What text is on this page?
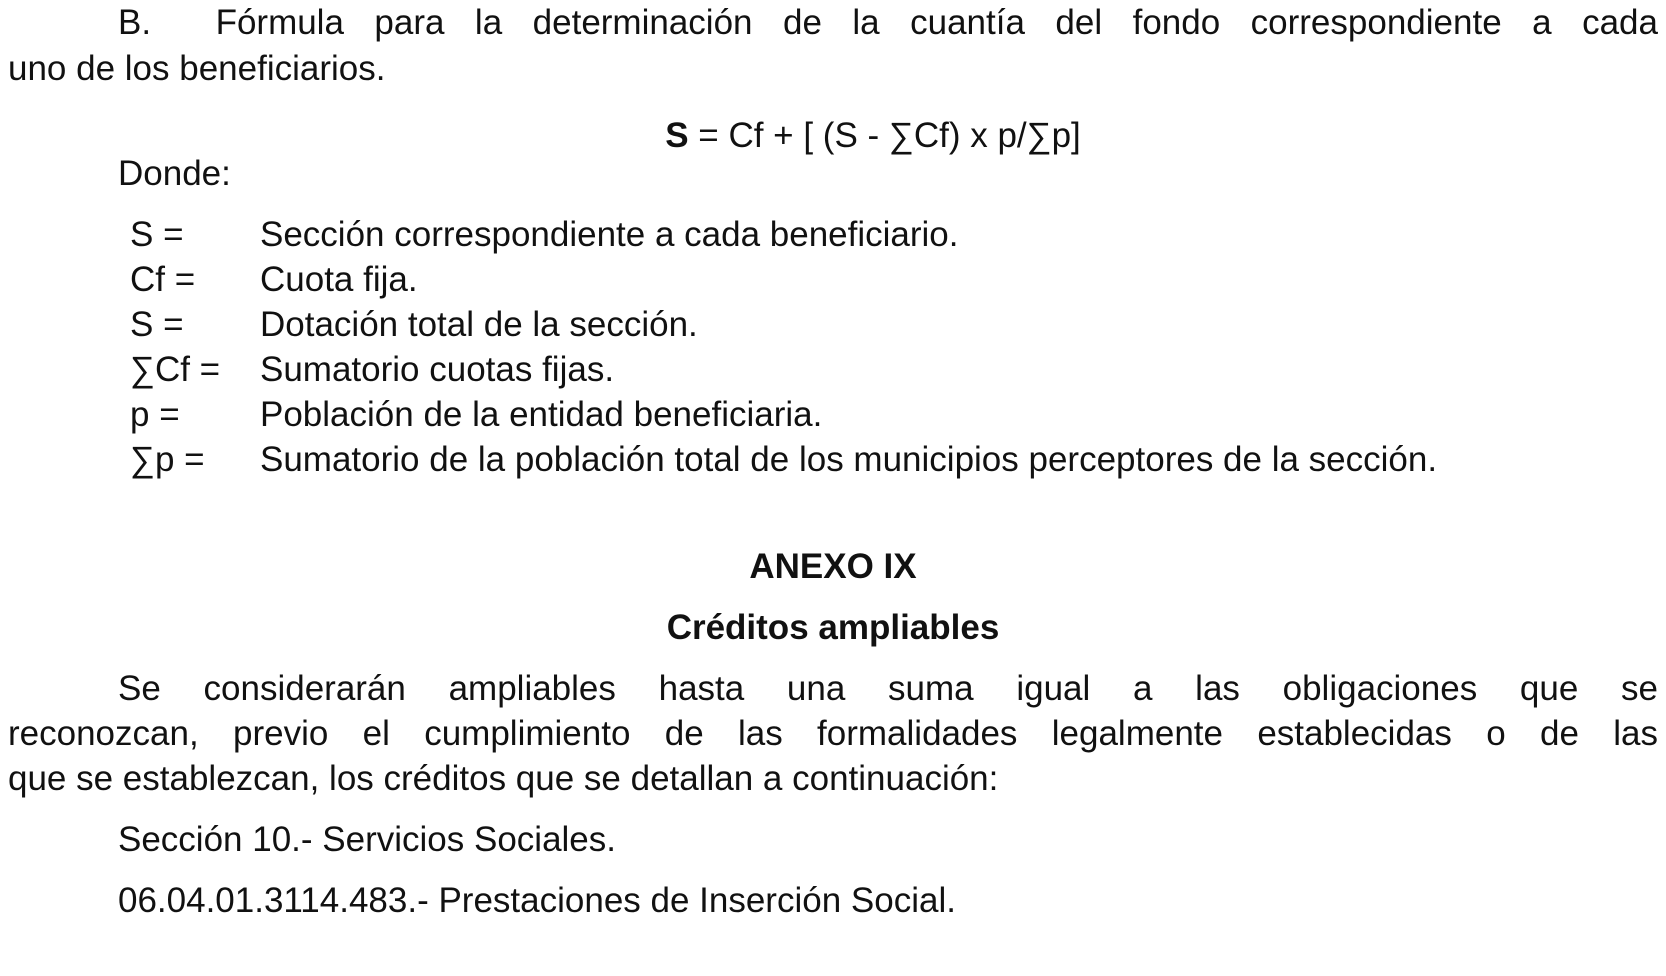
B. Fórmula para la determinación de la cuantía del fondo correspondiente a cada
uno de los beneficiarios.
S = Cf + [ (S - ∑Cf) x p/∑p]
Donde:
S = Sección correspondiente a cada beneficiario.
Cf = Cuota fija.
S = Dotación total de la sección.
∑Cf = Sumatorio cuotas fijas.
p = Población de la entidad beneficiaria.
∑p = Sumatorio de la población total de los municipios perceptores de la sección.
ANEXO IX
Créditos ampliables
Se considerarán ampliables hasta una suma igual a las obligaciones que se
reconozcan, previo el cumplimiento de las formalidades legalmente establecidas o de las
que se establezcan, los créditos que se detallan a continuación:
Sección 10.- Servicios Sociales.
06.04.01.3114.483.- Prestaciones de Inserción Social.
